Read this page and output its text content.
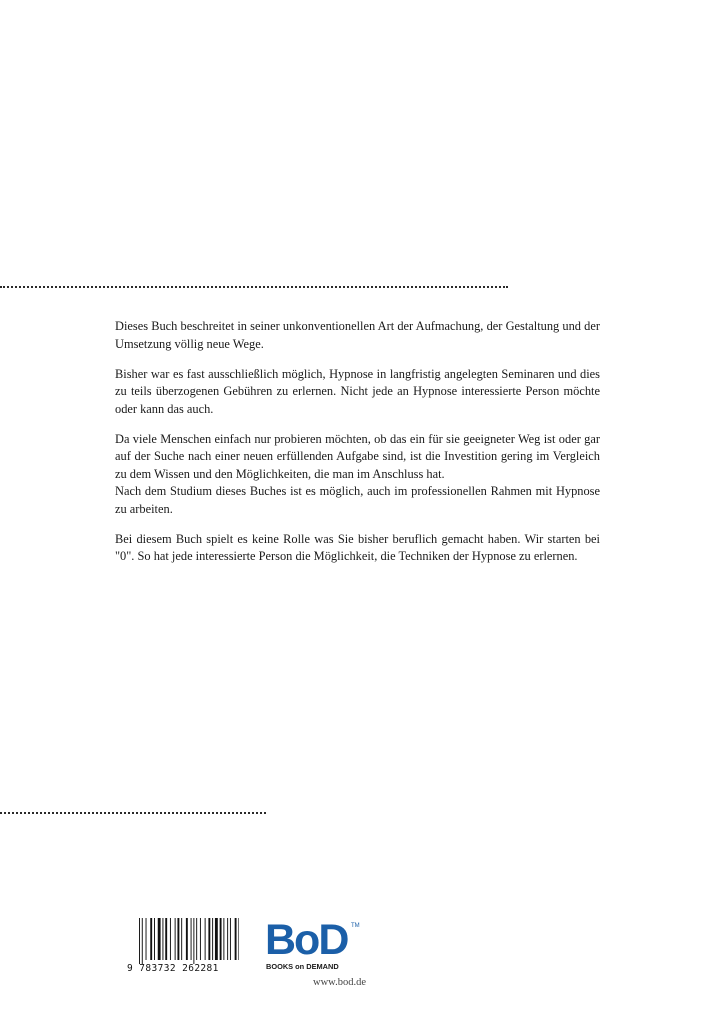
Dieses Buch beschreitet in seiner unkonventionellen Art der Aufmachung, der Gestaltung und der Umsetzung völlig neue Wege.

Bisher war es fast ausschließlich möglich, Hypnose in langfristig angelegten Seminaren und dies zu teils überzogenen Gebühren zu erlernen. Nicht jede an Hypnose interessierte Person möchte oder kann das auch.

Da viele Menschen einfach nur probieren möchten, ob das ein für sie geeigneter Weg ist oder gar auf der Suche nach einer neuen erfüllenden Aufgabe sind, ist die Investition gering im Vergleich zu dem Wissen und den Möglichkeiten, die man im Anschluss hat.

Nach dem Studium dieses Buches ist es möglich, auch im professionellen Rahmen mit Hypnose zu arbeiten.

Bei diesem Buch spielt es keine Rolle was Sie bisher beruflich gemacht haben. Wir starten bei "0". So hat jede interessierte Person die Möglichkeit, die Techniken der Hypnose zu erlernen.

9 783732 262281
BoD TM
BOOKS on DEMAND
www.bod.de
